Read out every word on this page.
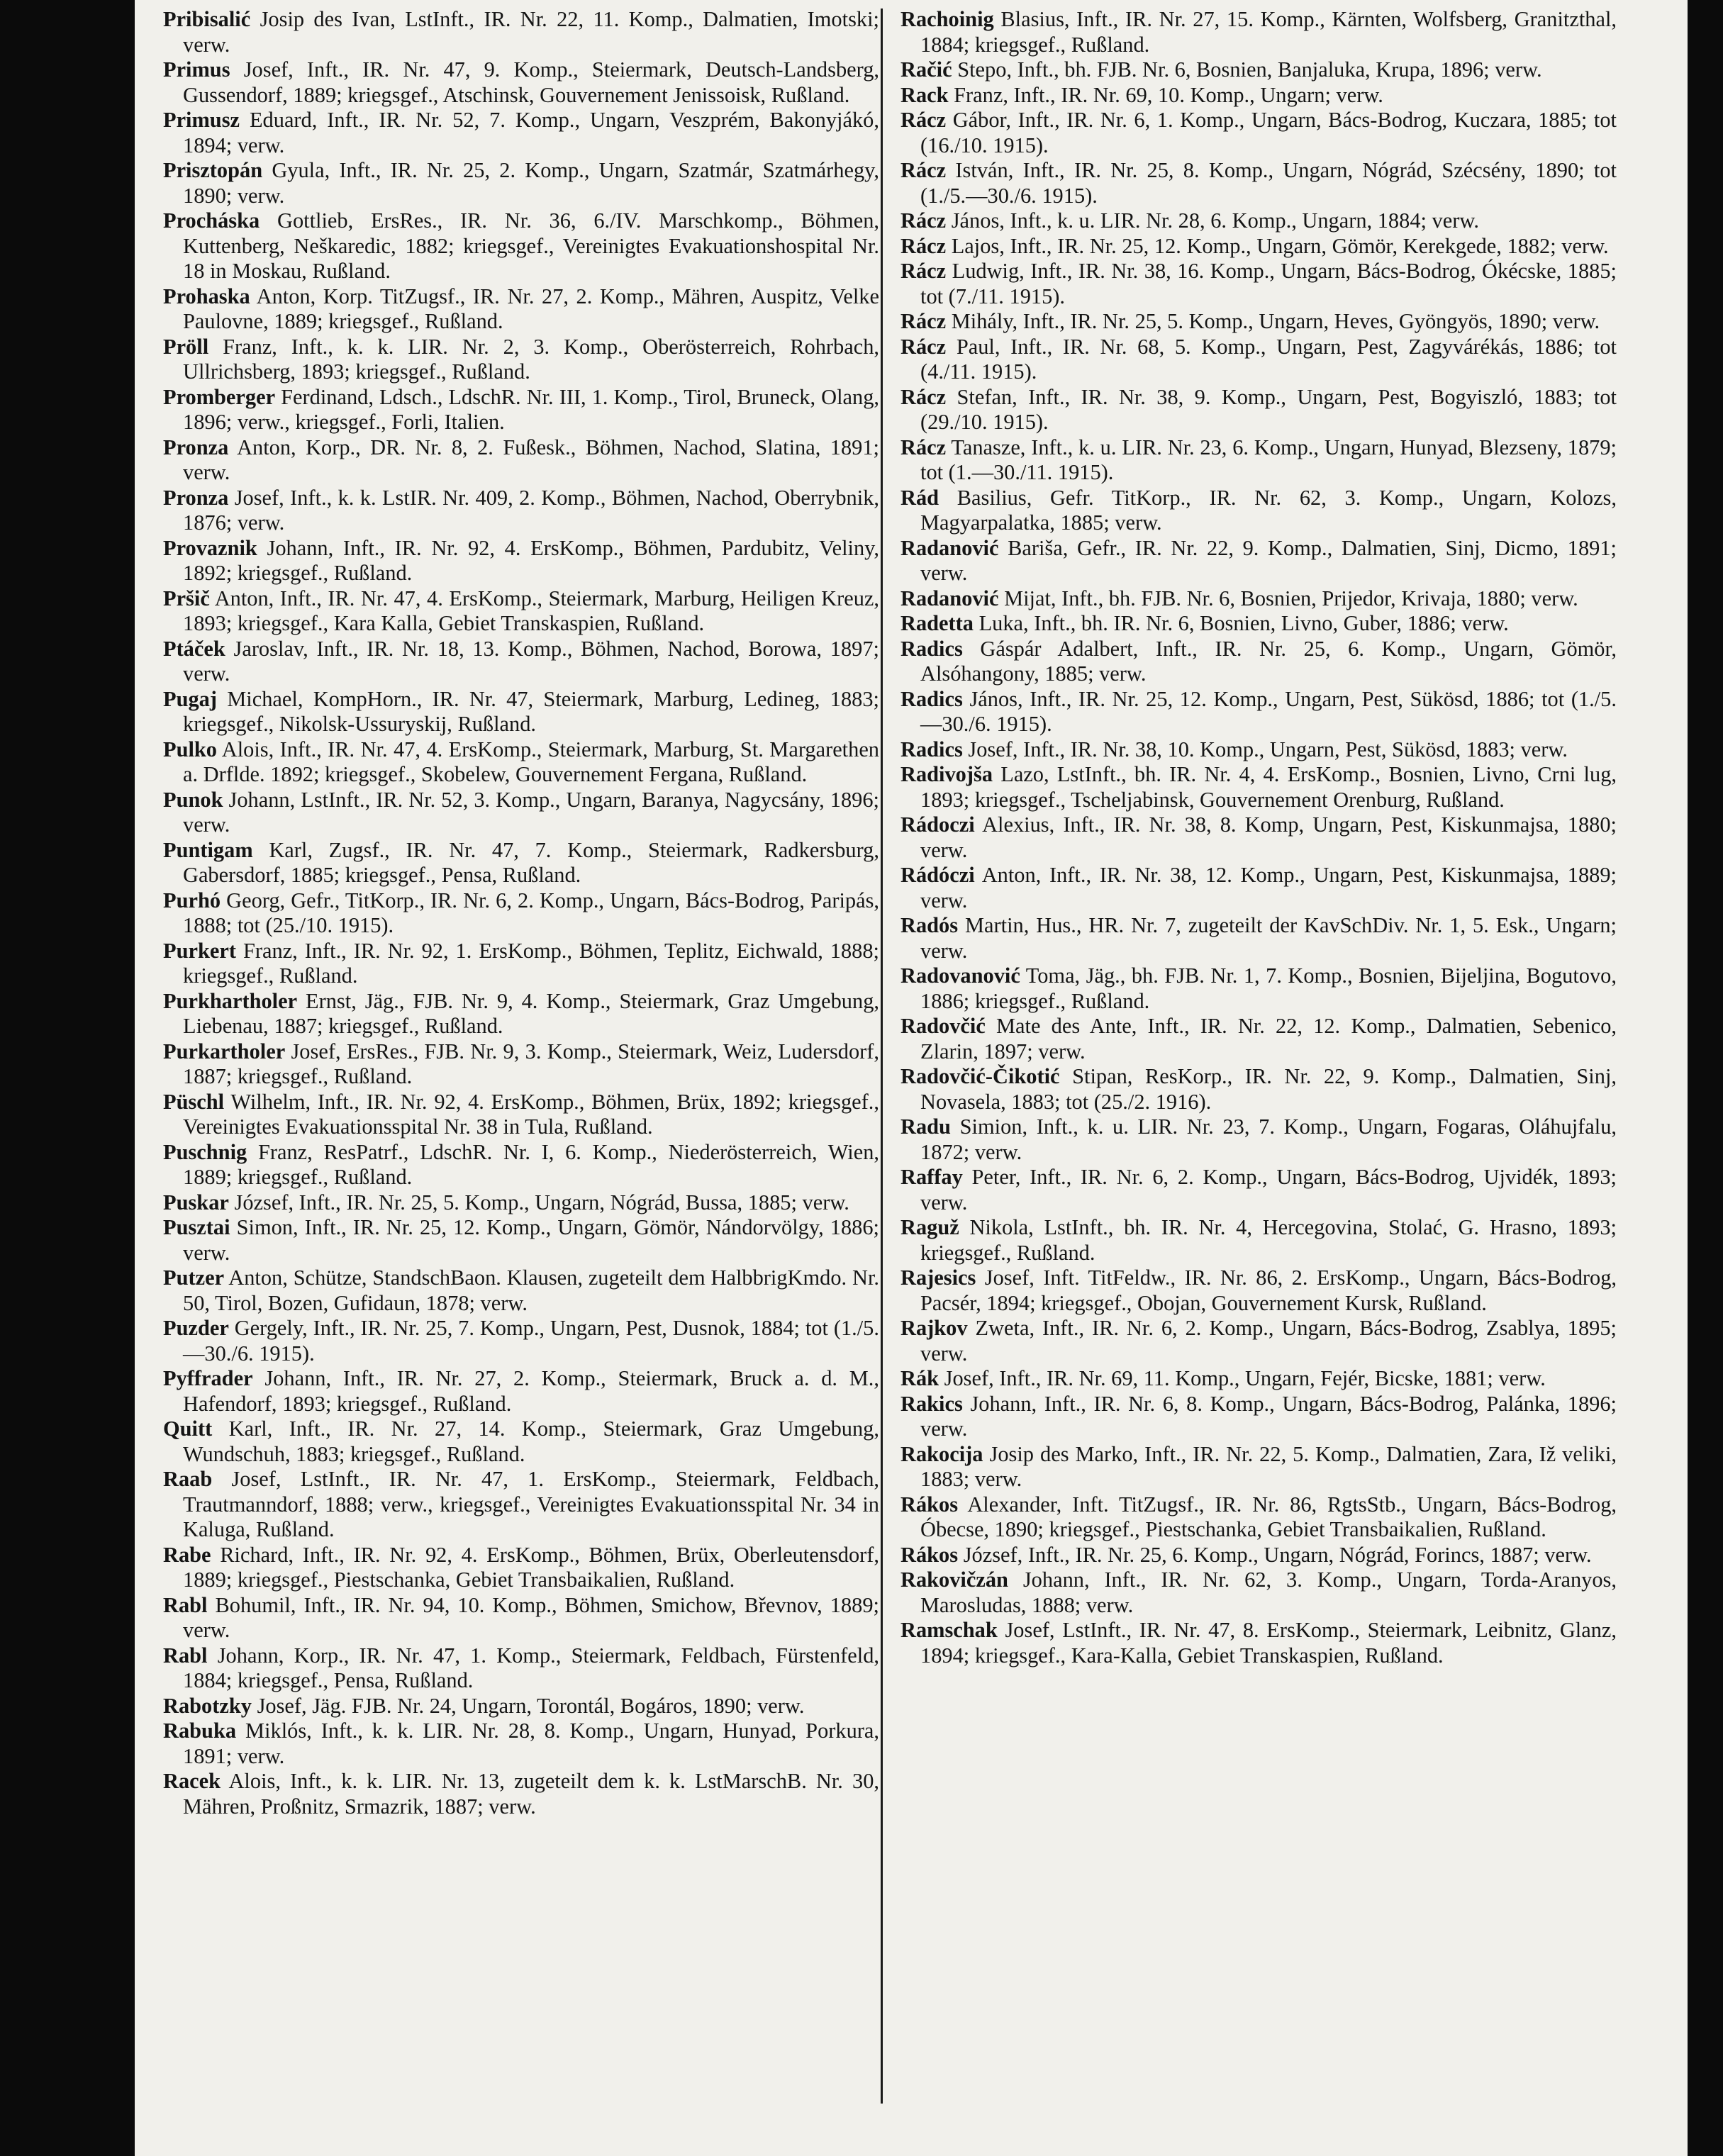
Pribisalić Josip des Ivan, LstInft., IR. Nr. 22, 11. Komp., Dalmatien, Imotski; verw.
Primus Josef, Inft., IR. Nr. 47, 9. Komp., Steiermark, Deutsch-Landsberg, Gussendorf, 1889; kriegsgef., Atschinsk, Gouvernement Jenissoisk, Rußland.
Primusz Eduard, Inft., IR. Nr. 52, 7. Komp., Ungarn, Veszprém, Bakonyjákó, 1894; verw.
Prisztopán Gyula, Inft., IR. Nr. 25, 2. Komp., Ungarn, Szatmár, Szatmárhegy, 1890; verw.
Procháska Gottlieb, ErsRes., IR. Nr. 36, 6./IV. Marschkomp., Böhmen, Kuttenberg, Neškaredic, 1882; kriegsgef., Vereinigtes Evakuationshospital Nr. 18 in Moskau, Rußland.
Prohaska Anton, Korp. TitZugsf., IR. Nr. 27, 2. Komp., Mähren, Auspitz, Velke Paulovne, 1889; kriegsgef., Rußland.
Pröll Franz, Inft., k. k. LIR. Nr. 2, 3. Komp., Oberösterreich, Rohrbach, Ullrichsberg, 1893; kriegsgef., Rußland.
Promberger Ferdinand, Ldsch., LdschR. Nr. III, 1. Komp., Tirol, Bruneck, Olang, 1896; verw., kriegsgef., Forli, Italien.
Pronza Anton, Korp., DR. Nr. 8, 2. Fußesk., Böhmen, Nachod, Slatina, 1891; verw.
Pronza Josef, Inft., k. k. LstIR. Nr. 409, 2. Komp., Böhmen, Nachod, Oberrybnik, 1876; verw.
Provaznik Johann, Inft., IR. Nr. 92, 4. ErsKomp., Böhmen, Pardubitz, Veliny, 1892; kriegsgef., Rußland.
Pršič Anton, Inft., IR. Nr. 47, 4. ErsKomp., Steiermark, Marburg, Heiligen Kreuz, 1893; kriegsgef., Kara Kalla, Gebiet Transkaspien, Rußland.
Ptáček Jaroslav, Inft., IR. Nr. 18, 13. Komp., Böhmen, Nachod, Borowa, 1897; verw.
Pugaj Michael, KompHorn., IR. Nr. 47, Steiermark, Marburg, Ledineg, 1883; kriegsgef., Nikolsk-Ussuryskij, Rußland.
Pulko Alois, Inft., IR. Nr. 47, 4. ErsKomp., Steiermark, Marburg, St. Margarethen a. Drflde. 1892; kriegsgef., Skobelew, Gouvernement Fergana, Rußland.
Punok Johann, LstInft., IR. Nr. 52, 3. Komp., Ungarn, Baranya, Nagycsány, 1896; verw.
Puntigam Karl, Zugsf., IR. Nr. 47, 7. Komp., Steiermark, Radkersburg, Gabersdorf, 1885; kriegsgef., Pensa, Rußland.
Purhó Georg, Gefr., TitKorp., IR. Nr. 6, 2. Komp., Ungarn, Bács-Bodrog, Paripás, 1888; tot (25./10. 1915).
Purkert Franz, Inft., IR. Nr. 92, 1. ErsKomp., Böhmen, Teplitz, Eichwald, 1888; kriegsgef., Rußland.
Purkhartholer Ernst, Jäg., FJB. Nr. 9, 4. Komp., Steiermark, Graz Umgebung, Liebenau, 1887; kriegsgef., Rußland.
Purkartholer Josef, ErsRes., FJB. Nr. 9, 3. Komp., Steiermark, Weiz, Ludersdorf, 1887; kriegsgef., Rußland.
Püschl Wilhelm, Inft., IR. Nr. 92, 4. ErsKomp., Böhmen, Brüx, 1892; kriegsgef., Vereinigtes Evakuationsspital Nr. 38 in Tula, Rußland.
Puschnig Franz, ResPatrf., LdschR. Nr. I, 6. Komp., Niederösterreich, Wien, 1889; kriegsgef., Rußland.
Puskar József, Inft., IR. Nr. 25, 5. Komp., Ungarn, Nógrád, Bussa, 1885; verw.
Pusztai Simon, Inft., IR. Nr. 25, 12. Komp., Ungarn, Gömör, Nándorvölgy, 1886; verw.
Putzer Anton, Schütze, StandschBaon. Klausen, zugeteilt dem HalbbrigKmdo. Nr. 50, Tirol, Bozen, Gufidaun, 1878; verw.
Puzder Gergely, Inft., IR. Nr. 25, 7. Komp., Ungarn, Pest, Dusnok, 1884; tot (1./5.—30./6. 1915).
Pyffrader Johann, Inft., IR. Nr. 27, 2. Komp., Steiermark, Bruck a. d. M., Hafendorf, 1893; kriegsgef., Rußland.
Quitt Karl, Inft., IR. Nr. 27, 14. Komp., Steiermark, Graz Umgebung, Wundschuh, 1883; kriegsgef., Rußland.
Raab Josef, LstInft., IR. Nr. 47, 1. ErsKomp., Steiermark, Feldbach, Trautmanndorf, 1888; verw., kriegsgef., Vereinigtes Evakuationsspital Nr. 34 in Kaluga, Rußland.
Rabe Richard, Inft., IR. Nr. 92, 4. ErsKomp., Böhmen, Brüx, Oberleutensdorf, 1889; kriegsgef., Piestschanka, Gebiet Transbaikalien, Rußland.
Rabl Bohumil, Inft., IR. Nr. 94, 10. Komp., Böhmen, Smichow, Břevnov, 1889; verw.
Rabl Johann, Korp., IR. Nr. 47, 1. Komp., Steiermark, Feldbach, Fürstenfeld, 1884; kriegsgef., Pensa, Rußland.
Rabotzky Josef, Jäg. FJB. Nr. 24, Ungarn, Torontál, Bogáros, 1890; verw.
Rabuka Miklós, Inft., k. k. LIR. Nr. 28, 8. Komp., Ungarn, Hunyad, Porkura, 1891; verw.
Racek Alois, Inft., k. k. LIR. Nr. 13, zugeteilt dem k. k. LstMarschB. Nr. 30, Mähren, Proßnitz, Srmazrik, 1887; verw.
Rachoinig Blasius, Inft., IR. Nr. 27, 15. Komp., Kärnten, Wolfsberg, Granitzthal, 1884; kriegsgef., Rußland.
Račić Stepo, Inft., bh. FJB. Nr. 6, Bosnien, Banjaluka, Krupa, 1896; verw.
Rack Franz, Inft., IR. Nr. 69, 10. Komp., Ungarn; verw.
Rácz Gábor, Inft., IR. Nr. 6, 1. Komp., Ungarn, Bács-Bodrog, Kuczara, 1885; tot (16./10. 1915).
Rácz István, Inft., IR. Nr. 25, 8. Komp., Ungarn, Nógrád, Szécsény, 1890; tot (1./5.—30./6. 1915).
Rácz János, Inft., k. u. LIR. Nr. 28, 6. Komp., Ungarn, 1884; verw.
Rácz Lajos, Inft., IR. Nr. 25, 12. Komp., Ungarn, Gömör, Kerekgede, 1882; verw.
Rácz Ludwig, Inft., IR. Nr. 38, 16. Komp., Ungarn, Bács-Bodrog, Ókécske, 1885; tot (7./11. 1915).
Rácz Mihály, Inft., IR. Nr. 25, 5. Komp., Ungarn, Heves, Gyöngyös, 1890; verw.
Rácz Paul, Inft., IR. Nr. 68, 5. Komp., Ungarn, Pest, Zagyvárékás, 1886; tot (4./11. 1915).
Rácz Stefan, Inft., IR. Nr. 38, 9. Komp., Ungarn, Pest, Bogyiszló, 1883; tot (29./10. 1915).
Rácz Tanasze, Inft., k. u. LIR. Nr. 23, 6. Komp., Ungarn, Hunyad, Blezseny, 1879; tot (1.—30./11. 1915).
Rád Basilius, Gefr. TitKorp., IR. Nr. 62, 3. Komp., Ungarn, Kolozs, Magyarpalatka, 1885; verw.
Radanović Bariša, Gefr., IR. Nr. 22, 9. Komp., Dalmatien, Sinj, Dicmo, 1891; verw.
Radanović Mijat, Inft., bh. FJB. Nr. 6, Bosnien, Prijedor, Krivaja, 1880; verw.
Radetta Luka, Inft., bh. IR. Nr. 6, Bosnien, Livno, Guber, 1886; verw.
Radics Gáspár Adalbert, Inft., IR. Nr. 25, 6. Komp., Ungarn, Gömör, Alsóhangony, 1885; verw.
Radics János, Inft., IR. Nr. 25, 12. Komp., Ungarn, Pest, Sükösd, 1886; tot (1./5.—30./6. 1915).
Radics Josef, Inft., IR. Nr. 38, 10. Komp., Ungarn, Pest, Sükösd, 1883; verw.
Radivojša Lazo, LstInft., bh. IR. Nr. 4, 4. ErsKomp., Bosnien, Livno, Crni lug, 1893; kriegsgef., Tscheljabinsk, Gouvernement Orenburg, Rußland.
Rádoczi Alexius, Inft., IR. Nr. 38, 8. Komp, Ungarn, Pest, Kiskunmajsa, 1880; verw.
Rádóczi Anton, Inft., IR. Nr. 38, 12. Komp., Ungarn, Pest, Kiskunmajsa, 1889; verw.
Radós Martin, Hus., HR. Nr. 7, zugeteilt der KavSchDiv. Nr. 1, 5. Esk., Ungarn; verw.
Radovanović Toma, Jäg., bh. FJB. Nr. 1, 7. Komp., Bosnien, Bijeljina, Bogutovo, 1886; kriegsgef., Rußland.
Radovčić Mate des Ante, Inft., IR. Nr. 22, 12. Komp., Dalmatien, Sebenico, Zlarin, 1897; verw.
Radovčić-Čikotić Stipan, ResKorp., IR. Nr. 22, 9. Komp., Dalmatien, Sinj, Novasela, 1883; tot (25./2. 1916).
Radu Simion, Inft., k. u. LIR. Nr. 23, 7. Komp., Ungarn, Fogaras, Oláhujfalu, 1872; verw.
Raffay Peter, Inft., IR. Nr. 6, 2. Komp., Ungarn, Bács-Bodrog, Ujvidék, 1893; verw.
Raguž Nikola, LstInft., bh. IR. Nr. 4, Hercegovina, Stolać, G. Hrasno, 1893; kriegsgef., Rußland.
Rajesics Josef, Inft. TitFeldw., IR. Nr. 86, 2. ErsKomp., Ungarn, Bács-Bodrog, Pacsér, 1894; kriegsgef., Obojan, Gouvernement Kursk, Rußland.
Rajkov Zweta, Inft., IR. Nr. 6, 2. Komp., Ungarn, Bács-Bodrog, Zsablya, 1895; verw.
Rák Josef, Inft., IR. Nr. 69, 11. Komp., Ungarn, Fejér, Bicske, 1881; verw.
Rakics Johann, Inft., IR. Nr. 6, 8. Komp., Ungarn, Bács-Bodrog, Palánka, 1896; verw.
Rakocija Josip des Marko, Inft., IR. Nr. 22, 5. Komp., Dalmatien, Zara, Iž veliki, 1883; verw.
Rákos Alexander, Inft. TitZugsf., IR. Nr. 86, RgtsStb., Ungarn, Bács-Bodrog, Óbecse, 1890; kriegsgef., Piestschanka, Gebiet Transbaikalien, Rußland.
Rákos József, Inft., IR. Nr. 25, 6. Komp., Ungarn, Nógrád, Forincs, 1887; verw.
Rakovičzán Johann, Inft., IR. Nr. 62, 3. Komp., Ungarn, Torda-Aranyos, Marosludas, 1888; verw.
Ramschak Josef, LstInft., IR. Nr. 47, 8. ErsKomp., Steiermark, Leibnitz, Glanz, 1894; kriegsgef., Kara-Kalla, Gebiet Transkaspien, Rußland.
